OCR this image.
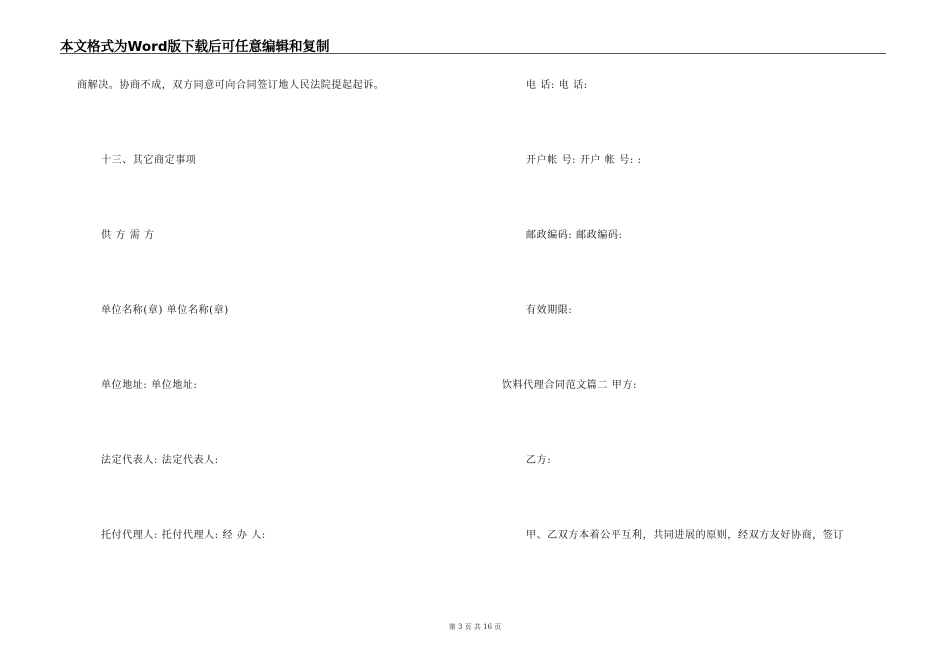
本文格式为Word版下载后可任意编辑和复制
商解决。协商不成，双方同意可向合同签订地人民法院提起起诉。
十三、其它商定事项
供 方 需 方
单位名称(章) 单位名称(章)
单位地址: 单位地址:
法定代表人: 法定代表人:
托付代理人: 托付代理人: 经 办 人:
电 话: 电 话:
开户帐 号: 开户 帐 号: :
邮政编码: 邮政编码:
有效期限:
饮料代理合同范文篇二 甲方:
乙方:
甲、乙双方本着公平互利，共同进展的原则，经双方友好协商，签订
第 3 页 共 16 页
